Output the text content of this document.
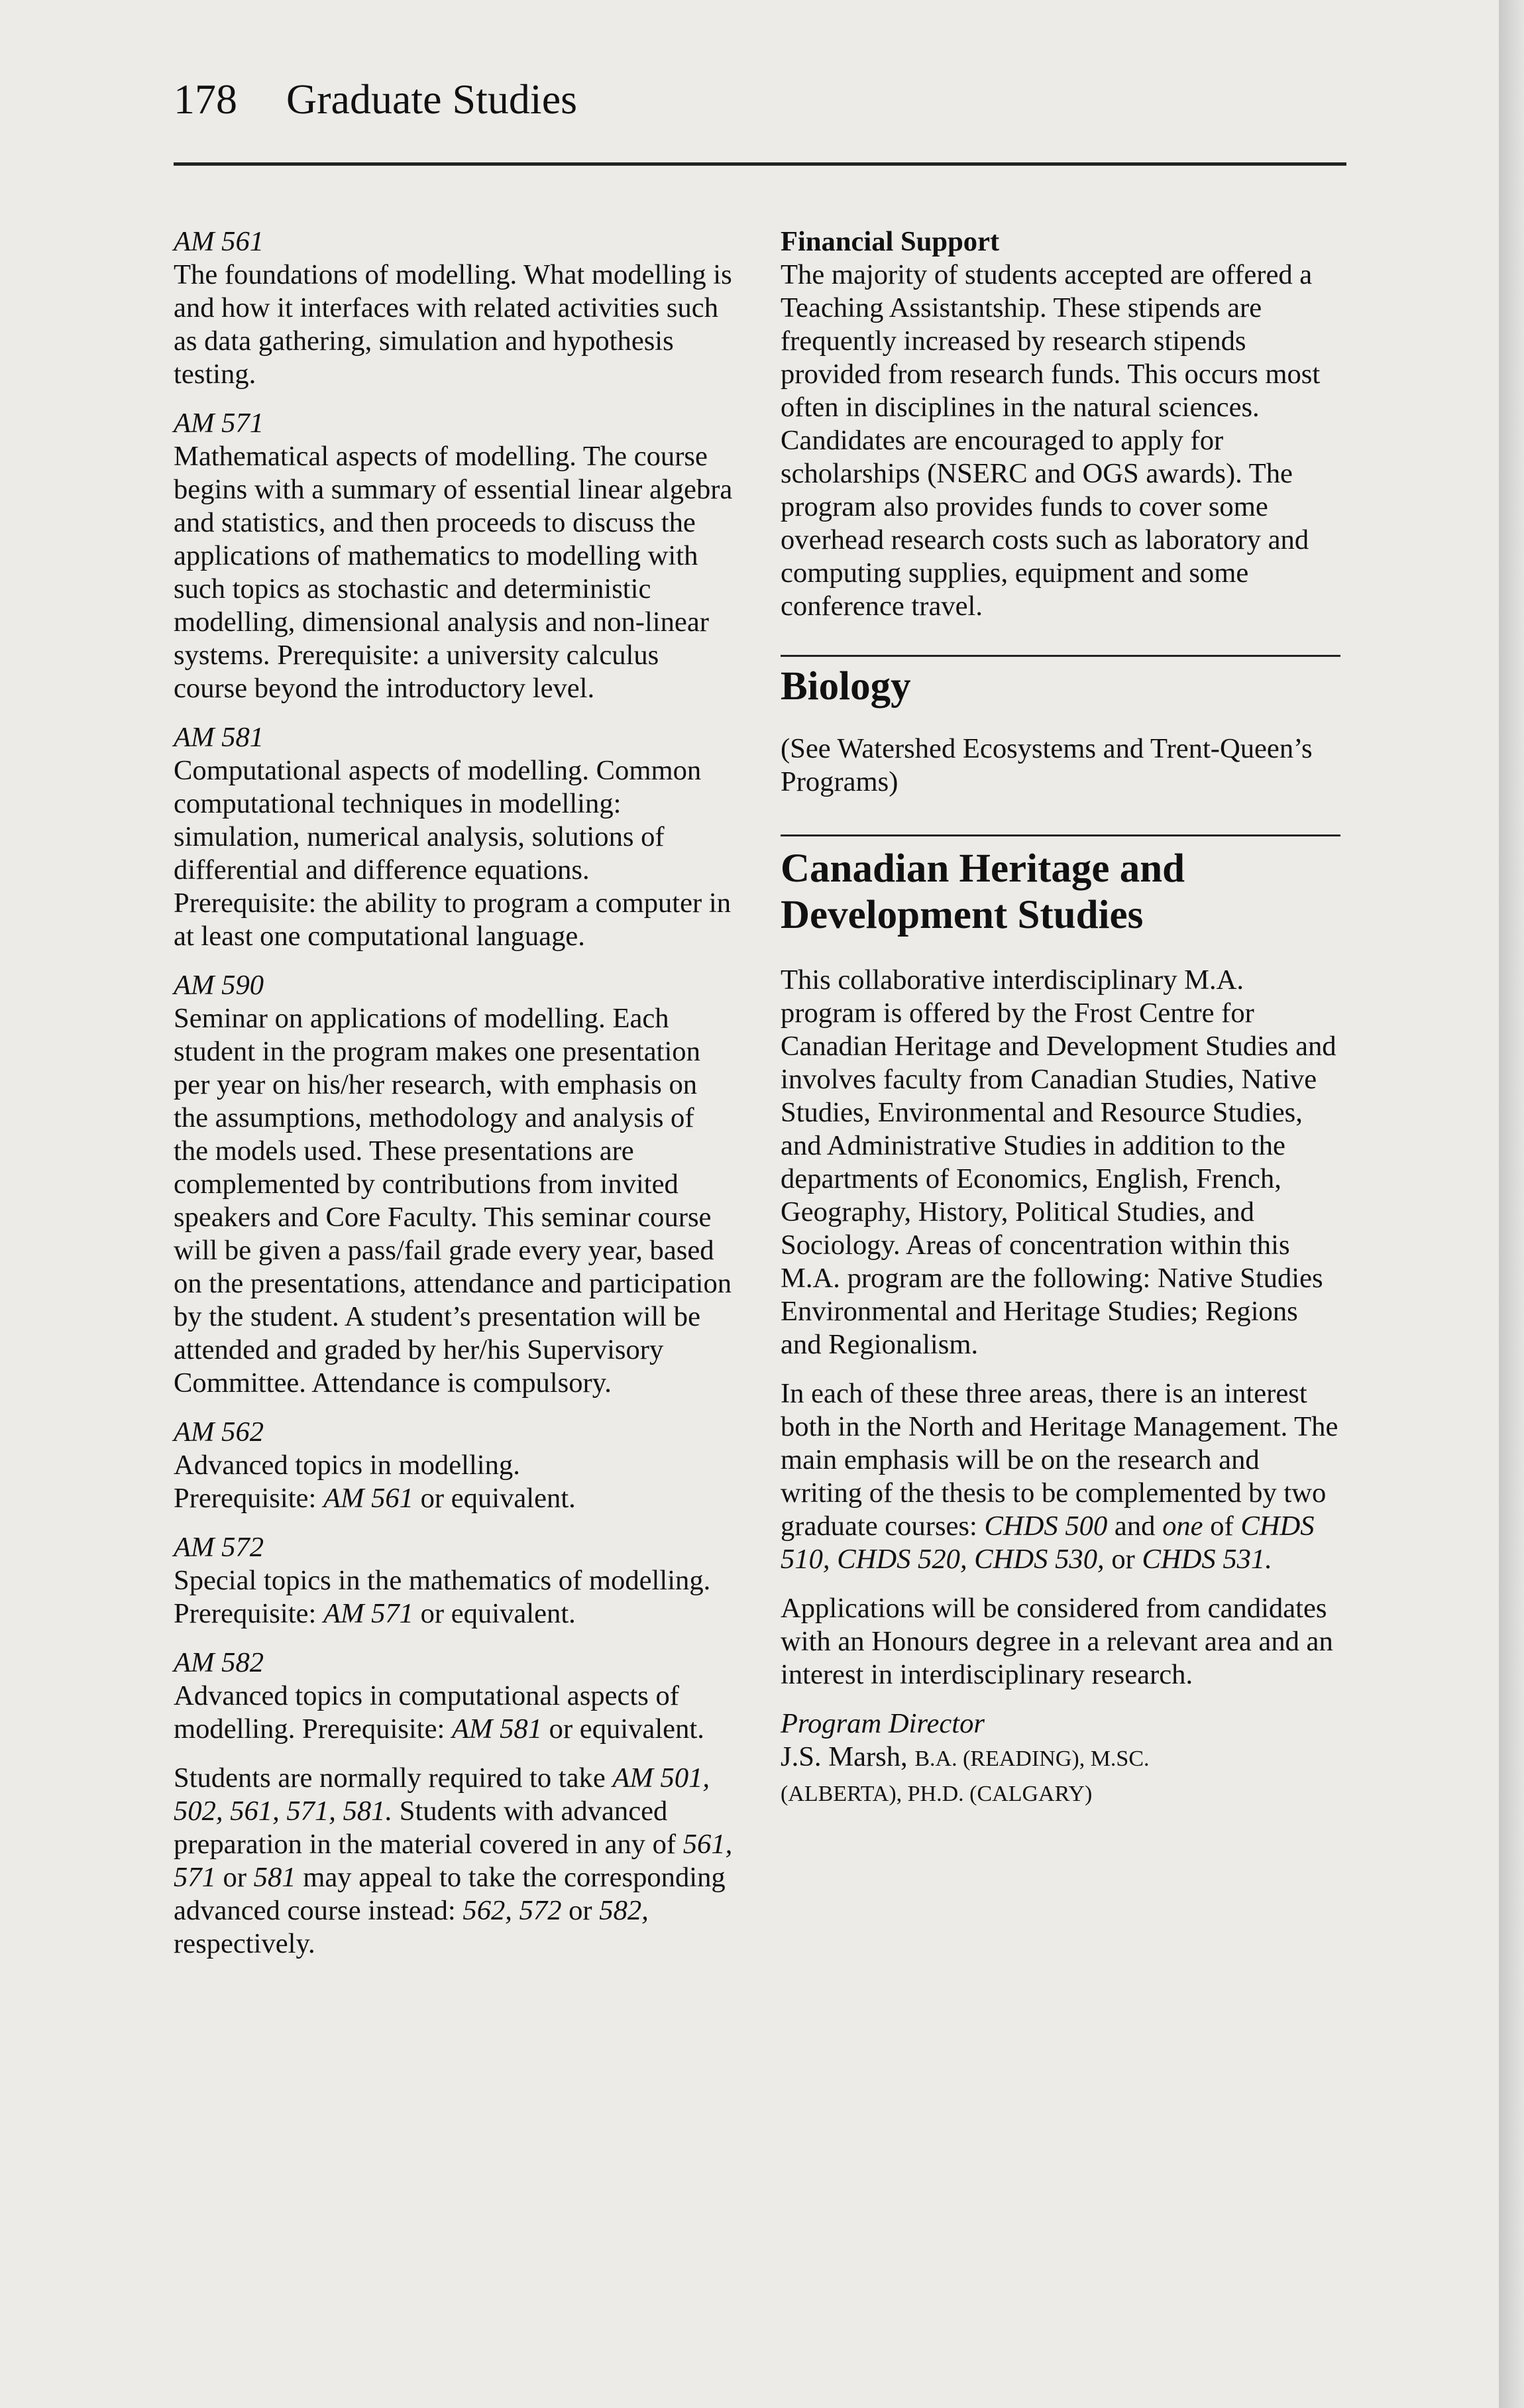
178 Graduate Studies

AM 561

The foundations of modelling. What modelling is and how it interfaces with related activities such as data gathering, simulation and hypothesis testing.

AM 571

Mathematical aspects of modelling. The course begins with a summary of essential linear algebra and statistics, and then proceeds to discuss the applications of mathematics to modelling with such topics as stochastic and deterministic modelling, dimensional analysis and non-linear systems. Prerequisite: a university calculus course beyond the introductory level.

AM 581

Computational aspects of modelling. Common computational techniques in modelling: simulation, numerical analysis, solutions of differential and difference equations. Prerequisite: the ability to program a computer in at least one computational language.

AM 590

Seminar on applications of modelling. Each student in the program makes one presentation per year on his/her research, with emphasis on the assumptions, methodology and analysis of the models used. These presentations are complemented by contributions from invited speakers and Core Faculty. This seminar course will be given a pass/fail grade every year, based on the presentations, attendance and participation by the student. A student’s presentation will be attended and graded by her/his Supervisory Committee. Attendance is compulsory.

AM 562

Advanced topics in modelling.
Prerequisite: AM 561 or equivalent.

AM 572

Special topics in the mathematics of modelling. Prerequisite: AM 571 or equivalent.

AM 582

Advanced topics in computational aspects of modelling. Prerequisite: AM 581 or equivalent.

Students are normally required to take AM 501, 502, 561, 571, 581. Students with advanced preparation in the material covered in any of 561, 571 or 581 may appeal to take the corresponding advanced course instead: 562, 572 or 582, respectively.

Financial Support

The majority of students accepted are offered a Teaching Assistantship. These stipends are frequently increased by research stipends provided from research funds. This occurs most often in disciplines in the natural sciences. Candidates are encouraged to apply for scholarships (NSERC and OGS awards). The program also provides funds to cover some overhead research costs such as laboratory and computing supplies, equipment and some conference travel.

Biology

(See Watershed Ecosystems and Trent-Queen’s Programs)

Canadian Heritage and
Development Studies

This collaborative interdisciplinary M.A. program is offered by the Frost Centre for Canadian Heritage and Development Studies and involves faculty from Canadian Studies, Native Studies, Environmental and Resource Studies, and Administrative Studies in addition to the departments of Economics, English, French, Geography, History, Political Studies, and Sociology. Areas of concentration within this M.A. program are the following: Native Studies Environmental and Heritage Studies; Regions and Regionalism.

In each of these three areas, there is an interest both in the North and Heritage Management. The main emphasis will be on the research and writing of the thesis to be complemented by two graduate courses: CHDS 500 and one of CHDS 510, CHDS 520, CHDS 530, or CHDS 531.

Applications will be considered from candidates with an Honours degree in a relevant area and an interest in interdisciplinary research.

Program Director

J.S. Marsh, B.A. (READING), M.SC.
(ALBERTA), PH.D. (CALGARY)
